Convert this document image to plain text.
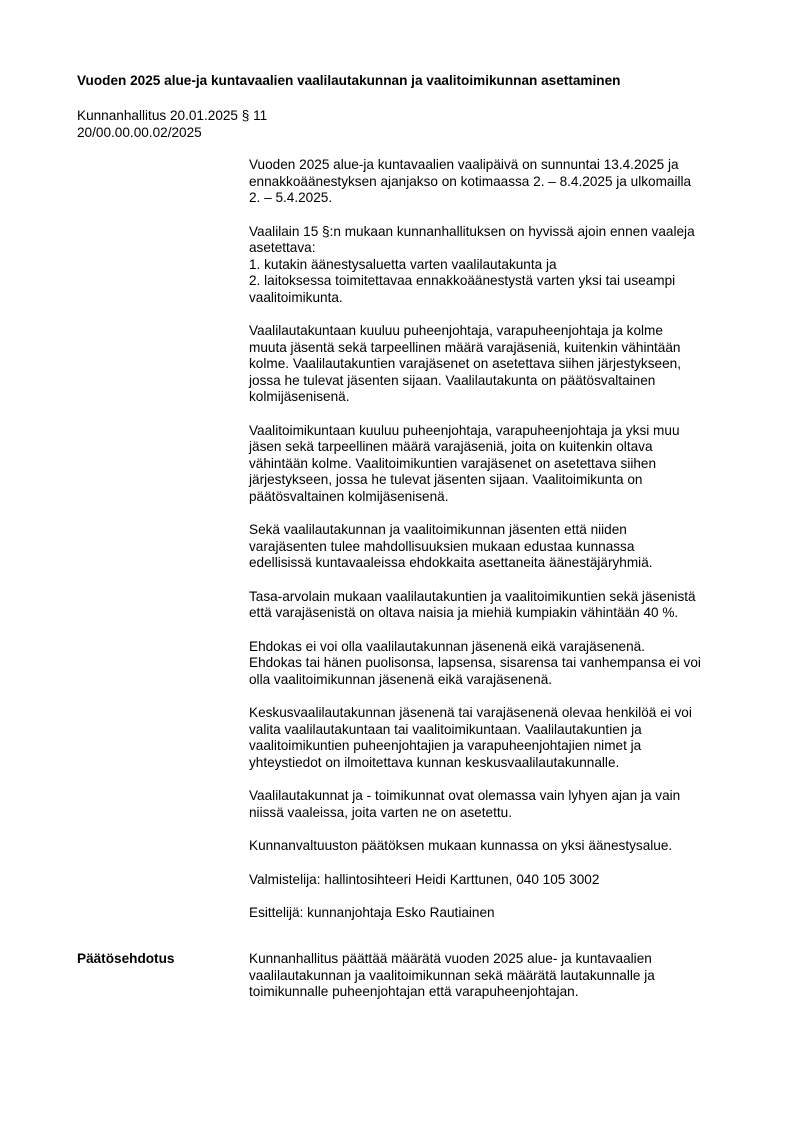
Vuoden 2025 alue-ja kuntavaalien vaalilautakunnan ja vaalitoimikunnan asettaminen
Kunnanhallitus 20.01.2025 § 11
20/00.00.00.02/2025

Vuoden 2025 alue-ja kuntavaalien vaalipäivä on sunnuntai 13.4.2025 ja
ennakkoäänestyksen ajanjakso on kotimaassa 2. – 8.4.2025 ja ulkomailla
2. – 5.4.2025.

Vaalilain 15 §:n mukaan kunnanhallituksen on hyvissä ajoin ennen vaaleja
asetettava:
1. kutakin äänestysaluetta varten vaalilautakunta ja
2. laitoksessa toimitettavaa ennakkoäänestystä varten yksi tai useampi
vaalitoimikunta.

Vaalilautakuntaan kuuluu puheenjohtaja, varapuheenjohtaja ja kolme
muuta jäsentä sekä tarpeellinen määrä varajäseniä, kuitenkin vähintään
kolme. Vaalilautakuntien varajäsenet on asetettava siihen järjestykseen,
jossa he tulevat jäsenten sijaan. Vaalilautakunta on päätösvaltainen
kolmijäsenisenä.

Vaalitoimikuntaan kuuluu puheenjohtaja, varapuheenjohtaja ja yksi muu
jäsen sekä tarpeellinen määrä varajäseniä, joita on kuitenkin oltava
vähintään kolme. Vaalitoimikuntien varajäsenet on asetettava siihen
järjestykseen, jossa he tulevat jäsenten sijaan. Vaalitoimikunta on
päätösvaltainen kolmijäsenisenä.

Sekä vaalilautakunnan ja vaalitoimikunnan jäsenten että niiden
varajäsenten tulee mahdollisuuksien mukaan edustaa kunnassa
edellisissä kuntavaaleissa ehdokkaita asettaneita äänestäjäryhmiä.

Tasa-arvolain mukaan vaalilautakuntien ja vaalitoimikuntien sekä jäsenistä
että varajäsenistä on oltava naisia ja miehiä kumpiakin vähintään 40 %.

Ehdokas ei voi olla vaalilautakunnan jäsenenä eikä varajäsenenä.
Ehdokas tai hänen puolisonsa, lapsensa, sisarensa tai vanhempansa ei voi
olla vaalitoimikunnan jäsenenä eikä varajäsenenä.

Keskusvaalilautakunnan jäsenenä tai varajäsenenä olevaa henkilöä ei voi
valita vaalilautakuntaan tai vaalitoimikuntaan. Vaalilautakuntien ja
vaalitoimikuntien puheenjohtajien ja varapuheenjohtajien nimet ja
yhteystiedot on ilmoitettava kunnan keskusvaalilautakunnalle.

Vaalilautakunnat ja - toimikunnat ovat olemassa vain lyhyen ajan ja vain
niissä vaaleissa, joita varten ne on asetettu.

Kunnanvaltuuston päätöksen mukaan kunnassa on yksi äänestysalue.

Valmistelija: hallintosihteeri Heidi Karttunen, 040 105 3002

Esittelijä: kunnanjohtaja Esko Rautiainen

Päätösehdotus	Kunnanhallitus päättää määrätä vuoden 2025 alue- ja kuntavaalien
vaalilautakunnan ja vaalitoimikunnan sekä määrätä lautakunnalle ja
toimikunnalle puheenjohtajan että varapuheenjohtajan.
